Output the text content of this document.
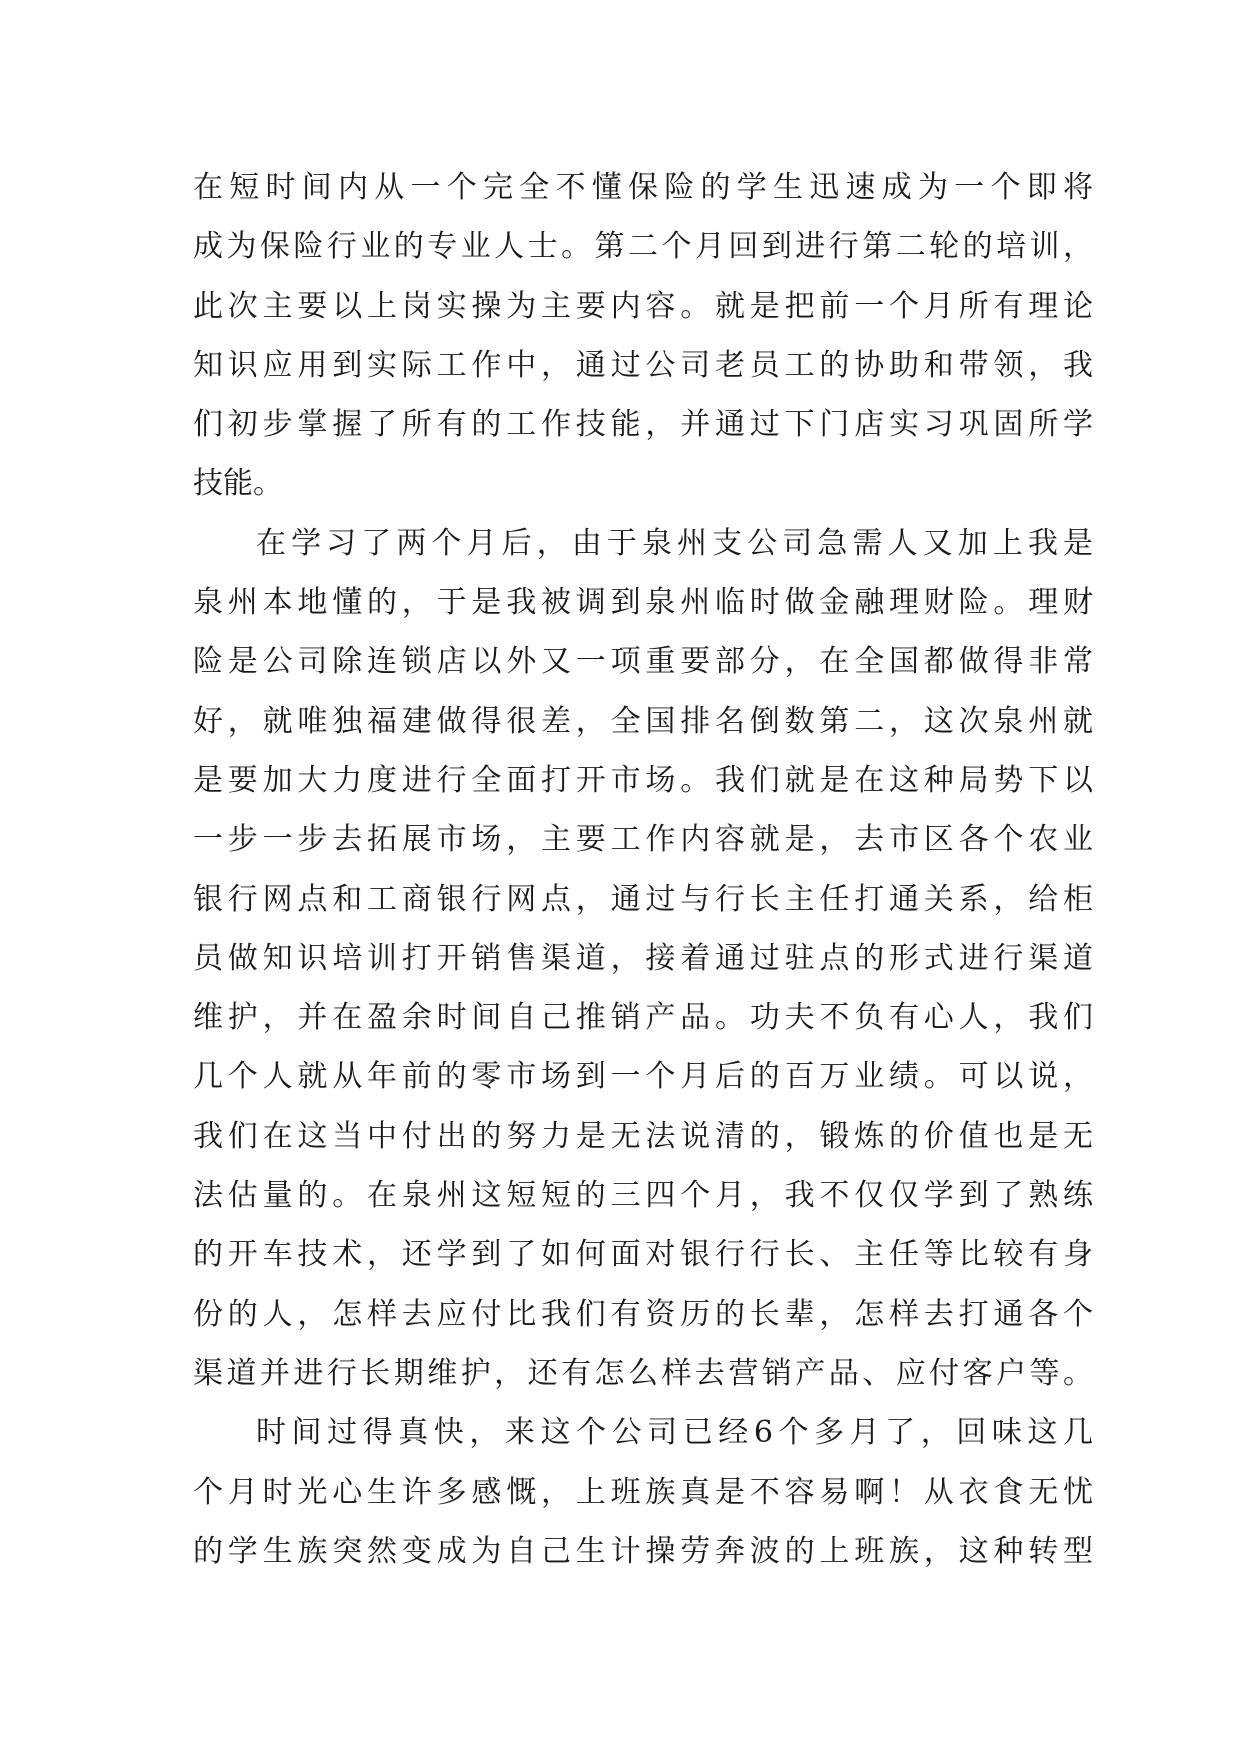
在短时间内从一个完全不懂保险的学生迅速成为一个即将
成为保险行业的专业人士。第二个月回到进行第二轮的培训，
此次主要以上岗实操为主要内容。就是把前一个月所有理论
知识应用到实际工作中，通过公司老员工的协助和带领，我
们初步掌握了所有的工作技能，并通过下门店实习巩固所学
技能。
在学习了两个月后，由于泉州支公司急需人又加上我是
泉州本地懂的，于是我被调到泉州临时做金融理财险。理财
险是公司除连锁店以外又一项重要部分，在全国都做得非常
好，就唯独福建做得很差，全国排名倒数第二，这次泉州就
是要加大力度进行全面打开市场。我们就是在这种局势下以
一步一步去拓展市场，主要工作内容就是，去市区各个农业
银行网点和工商银行网点，通过与行长主任打通关系，给柜
员做知识培训打开销售渠道，接着通过驻点的形式进行渠道
维护，并在盈余时间自己推销产品。功夫不负有心人，我们
几个人就从年前的零市场到一个月后的百万业绩。可以说，
我们在这当中付出的努力是无法说清的，锻炼的价值也是无
法估量的。在泉州这短短的三四个月，我不仅仅学到了熟练
的开车技术，还学到了如何面对银行行长、主任等比较有身
份的人，怎样去应付比我们有资历的长辈，怎样去打通各个
渠道并进行长期维护，还有怎么样去营销产品、应付客户等。
时间过得真快，来这个公司已经6个多月了，回味这几
个月时光心生许多感慨，上班族真是不容易啊！从衣食无忧
的学生族突然变成为自己生计操劳奔波的上班族，这种转型
